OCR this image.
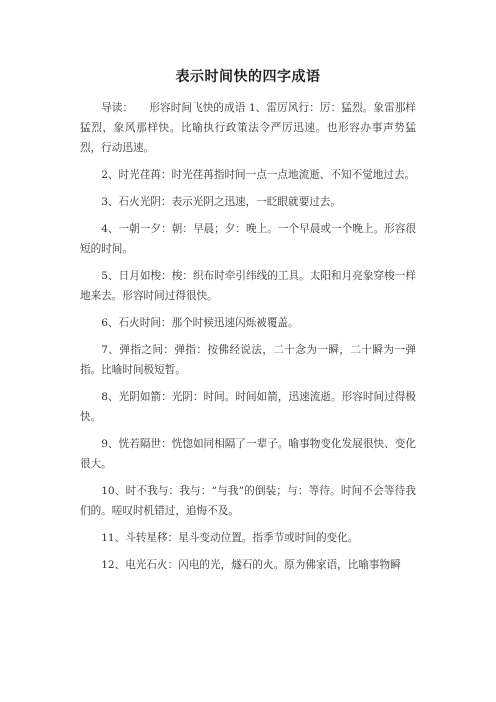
表示时间快的四字成语

导读：　　形容时间飞快的成语 1、雷厉风行：厉：猛烈。象雷那样猛烈，象风那样快。比喻执行政策法令严厉迅速。也形容办事声势猛烈，行动迅速。

2、时光荏苒：时光荏苒指时间一点一点地流逝、不知不觉地过去。

3、石火光阴：表示光阴之迅速，一眨眼就要过去。

4、一朝一夕：朝：早晨；夕：晚上。一个早晨或一个晚上。形容很短的时间。

5、日月如梭：梭：织布时牵引纬线的工具。太阳和月亮象穿梭一样地来去。形容时间过得很快。

6、石火时间：那个时候迅速闪烁被覆盖。

7、弹指之间：弹指：按佛经说法，二十念为一瞬，二十瞬为一弹指。比喻时间极短暂。

8、光阴如箭：光阴：时间。时间如箭，迅速流逝。形容时间过得极快。

9、恍若隔世：恍惚如同相隔了一辈子。喻事物变化发展很快、变化很大。

10、时不我与：我与：“与我”的倒装；与：等待。时间不会等待我们的。嗟叹时机错过，追悔不及。

11、斗转星移：星斗变动位置。指季节或时间的变化。

12、电光石火：闪电的光，燧石的火。原为佛家语，比喻事物瞬
